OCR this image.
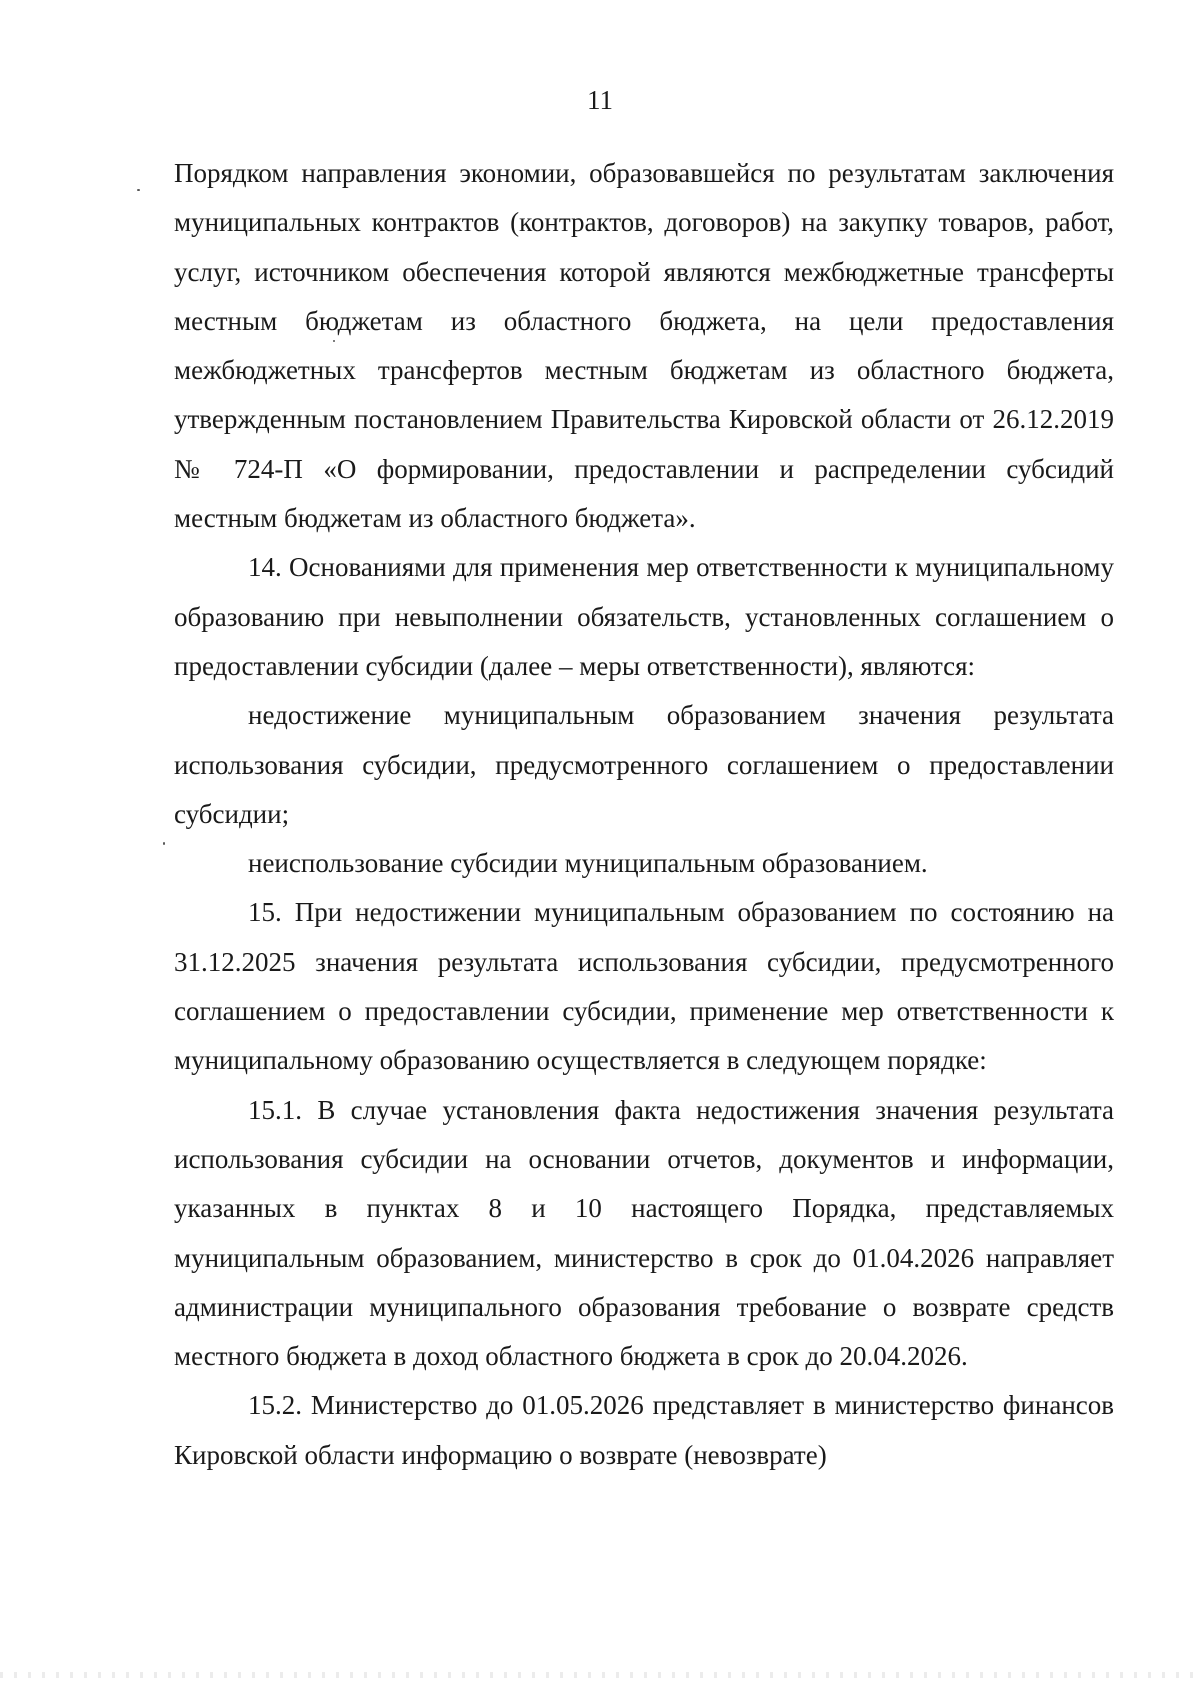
11

Порядком направления экономии, образовавшейся по результатам заключения муниципальных контрактов (контрактов, договоров) на закупку товаров, работ, услуг, источником обеспечения которой являются межбюджетные трансферты местным бюджетам из областного бюджета, на цели предоставления межбюджетных трансфертов местным бюджетам из областного бюджета, утвержденным постановлением Правительства Кировской области от 26.12.2019 № 724-П «О формировании, предоставлении и распределении субсидий местным бюджетам из областного бюджета».

14. Основаниями для применения мер ответственности к муниципальному образованию при невыполнении обязательств, установленных соглашением о предоставлении субсидии (далее – меры ответственности), являются:

недостижение муниципальным образованием значения результата использования субсидии, предусмотренного соглашением о предоставлении субсидии;

неиспользование субсидии муниципальным образованием.

15. При недостижении муниципальным образованием по состоянию на 31.12.2025 значения результата использования субсидии, предусмотренного соглашением о предоставлении субсидии, применение мер ответственности к муниципальному образованию осуществляется в следующем порядке:

15.1. В случае установления факта недостижения значения результата использования субсидии на основании отчетов, документов и информации, указанных в пунктах 8 и 10 настоящего Порядка, представляемых муниципальным образованием, министерство в срок до 01.04.2026 направляет администрации муниципального образования требование о возврате средств местного бюджета в доход областного бюджета в срок до 20.04.2026.

15.2. Министерство до 01.05.2026 представляет в министерство финансов Кировской области информацию о возврате (невозврате)
